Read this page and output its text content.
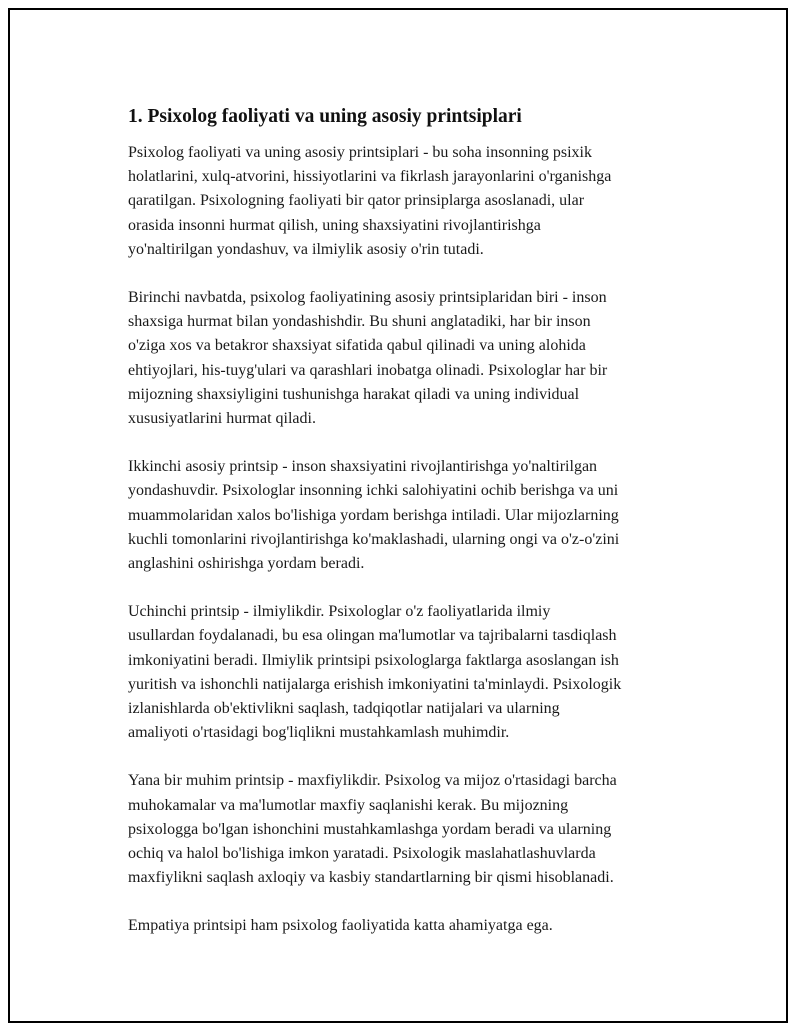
1. Psixolog faoliyati va uning asosiy printsiplari

Psixolog faoliyati va uning asosiy printsiplari - bu soha insonning psixik
holatlarini, xulq-atvorini, hissiyotlarini va fikrlash jarayonlarini o'rganishga
qaratilgan. Psixologning faoliyati bir qator prinsiplarga asoslanadi, ular
orasida insonni hurmat qilish, uning shaxsiyatini rivojlantirishga
yo'naltirilgan yondashuv, va ilmiylik asosiy o'rin tutadi.

Birinchi navbatda, psixolog faoliyatining asosiy printsiplaridan biri - inson
shaxsiga hurmat bilan yondashishdir. Bu shuni anglatadiki, har bir inson
o'ziga xos va betakror shaxsiyat sifatida qabul qilinadi va uning alohida
ehtiyojlari, his-tuyg'ulari va qarashlari inobatga olinadi. Psixologlar har bir
mijozning shaxsiyligini tushunishga harakat qiladi va uning individual
xususiyatlarini hurmat qiladi.

Ikkinchi asosiy printsip - inson shaxsiyatini rivojlantirishga yo'naltirilgan
yondashuvdir. Psixologlar insonning ichki salohiyatini ochib berishga va uni
muammolaridan xalos bo'lishiga yordam berishga intiladi. Ular mijozlarning
kuchli tomonlarini rivojlantirishga ko'maklashadi, ularning ongi va o'z-o'zini
anglashini oshirishga yordam beradi.

Uchinchi printsip - ilmiylikdir. Psixologlar o'z faoliyatlarida ilmiy
usullardan foydalanadi, bu esa olingan ma'lumotlar va tajribalarni tasdiqlash
imkoniyatini beradi. Ilmiylik printsipi psixologlarga faktlarga asoslangan ish
yuritish va ishonchli natijalarga erishish imkoniyatini ta'minlaydi. Psixologik
izlanishlarda ob'ektivlikni saqlash, tadqiqotlar natijalari va ularning
amaliyoti o'rtasidagi bog'liqlikni mustahkamlash muhimdir.

Yana bir muhim printsip - maxfiylikdir. Psixolog va mijoz o'rtasidagi barcha
muhokamalar va ma'lumotlar maxfiy saqlanishi kerak. Bu mijozning
psixologga bo'lgan ishonchini mustahkamlashga yordam beradi va ularning
ochiq va halol bo'lishiga imkon yaratadi. Psixologik maslahatlashuvlarda
maxfiylikni saqlash axloqiy va kasbiy standartlarning bir qismi hisoblanadi.

Empatiya printsipi ham psixolog faoliyatida katta ahamiyatga ega.
